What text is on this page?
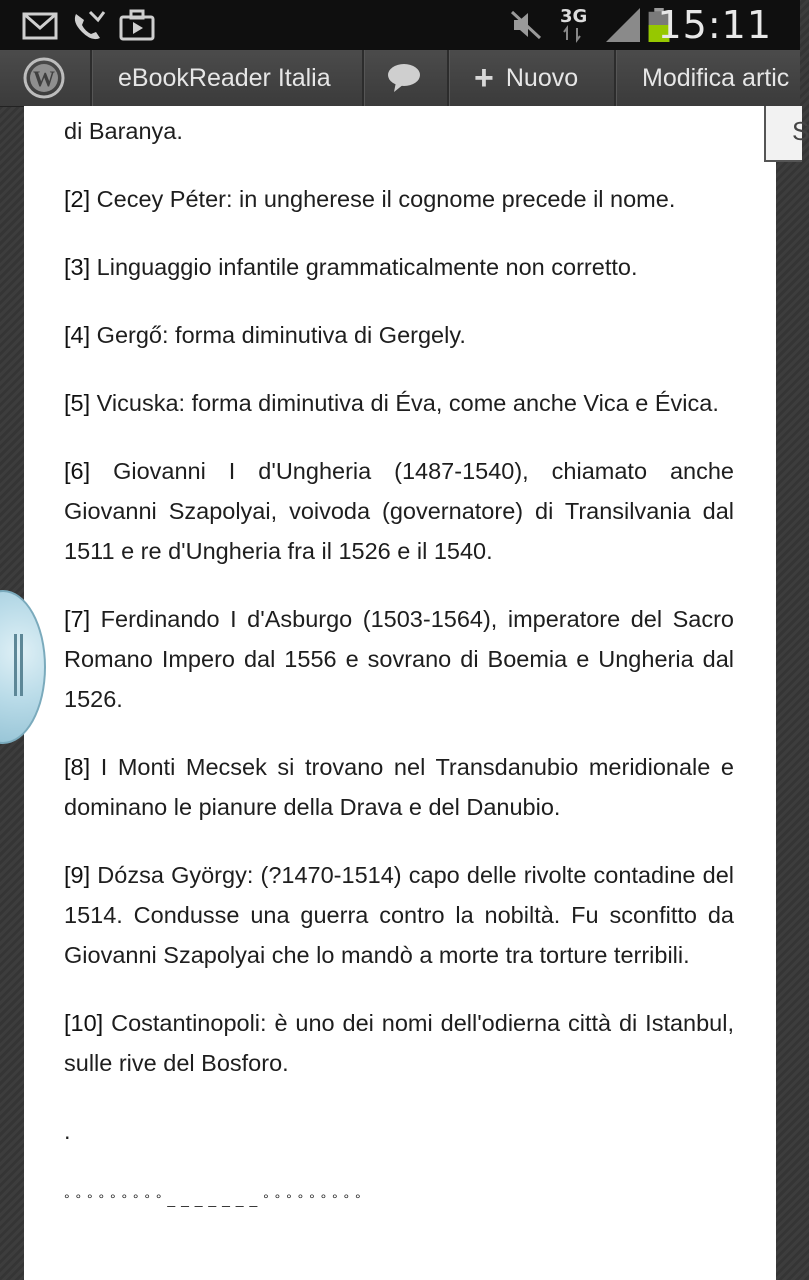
3G 15:11
W	eBookReader Italia	+ Nuovo	Modifica artic

di Baranya.

[2] Cecey Péter: in ungherese il cognome precede il nome.

[3] Linguaggio infantile grammaticalmente non corretto.

[4] Gergő: forma diminutiva di Gergely.

[5] Vicuska: forma diminutiva di Éva, come anche Vica e Évica.

[6] Giovanni I d'Ungheria (1487-1540), chiamato anche Giovanni Szapolyai, voivoda (governatore) di Transilvania dal 1511 e re d'Ungheria fra il 1526 e il 1540.

[7] Ferdinando I d'Asburgo (1503-1564), imperatore del Sacro Romano Impero dal 1556 e sovrano di Boemia e Ungheria dal 1526.

[8] I Monti Mecsek si trovano nel Transdanubio meridionale e dominano le pianure della Drava e del Danubio.

[9] Dózsa György: (?1470-1514) capo delle rivolte contadine del 1514. Condusse una guerra contro la nobiltà. Fu sconfitto da Giovanni Szapolyai che lo mandò a morte tra torture terribili.

[10] Costantinopoli: è uno dei nomi dell'odierna città di Istanbul, sulle rive del Bosforo.

.

° ° ° ° ° ° ° ° ° _ _ _ _ _ _ _ ° ° ° ° ° ° ° ° °

S
